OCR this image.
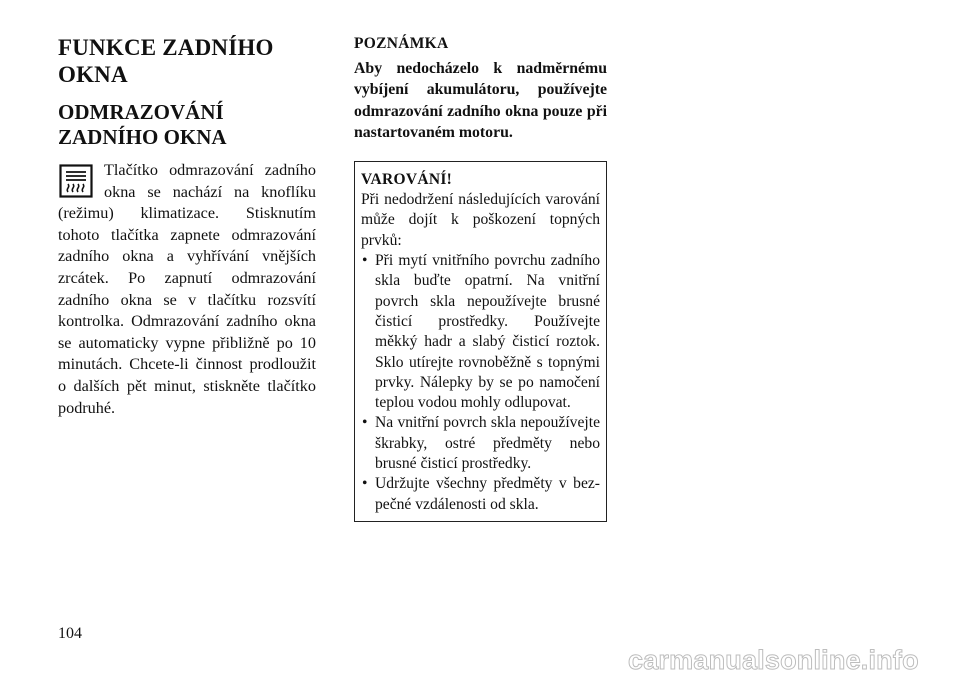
FUNKCE ZADNÍHO OKNA
ODMRAZOVÁNÍ ZADNÍHO OKNA
Tlačítko odmrazování zadního okna se nachází na knoflíku (režimu) klimatizace. Stisknutím tohoto tlačítka zapnete odmrazování zadního okna a vyhřívání vnějších zrcátek. Po zapnutí odmrazování zadního okna se v tlačítku rozsvítí kontrolka. Odmrazování zadního okna se automaticky vypne přibližně po 10 minutách. Chcete-li činnost prodloužit o dalších pět minut, stiskněte tlačítko podruhé.

POZNÁMKA

Aby nedocházelo k nadměrnému vybíjení akumulátoru, používejte odmrazování zadního okna pouze při nastartovaném motoru.

VAROVÁNÍ!

Při nedodržení následujících varování může dojít k poškození topných prvků:

• Při mytí vnitřního povrchu zadního skla buďte opatrní. Na vnitřní povrch skla nepoužívejte brusné čisticí prostředky. Používejte měkký hadr a slabý čisticí roztok. Sklo utírejte rovnoběžně s topnými prvky. Nálepky by se po namočení teplou vodou mohly odlupovat.
• Na vnitřní povrch skla nepoužívejte škrabky, ostré předměty nebo brusné čisticí prostředky.
• Udržujte všechny předměty v bezpečné vzdálenosti od skla.
104
carmanualsonline.info
